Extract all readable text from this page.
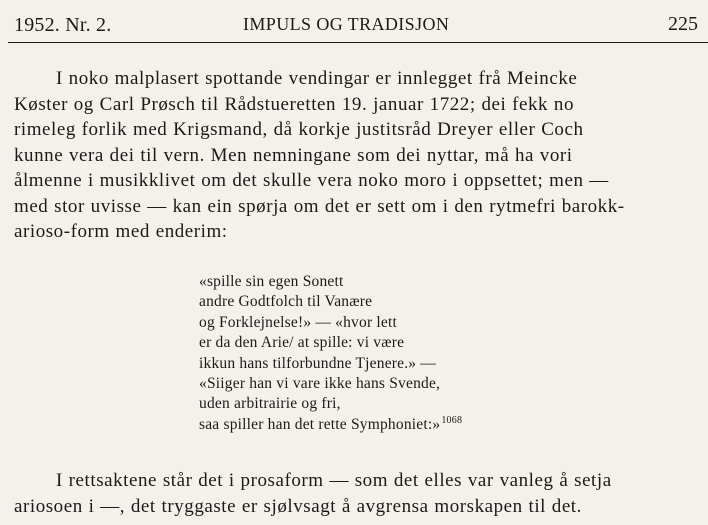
1952. Nr. 2.	IMPULS OG TRADISJON	225
I noko malplasert spottande vendingar er innlegget frå Meincke
Køster og Carl Prøsch til Rådstueretten 19. januar 1722; dei fekk no
rimeleg forlik med Krigsmand, då korkje justitsråd Dreyer eller Coch
kunne vera dei til vern. Men nemningane som dei nyttar, må ha vori
ålmenne i musikklivet om det skulle vera noko moro i oppsettet; men —
med stor uvisse — kan ein spørja om det er sett om i den rytmefri barokk-
arioso-form med enderim:
«spille sin egen Sonett
andre Godtfolch til Vanære
og Forklejnelse!» — «hvor lett
er da den Arie/ at spille: vi være
ikkun hans tilforbundne Tjenere.» —
«Siiger han vi vare ikke hans Svende,
uden arbitrairie og fri,
saa spiller han det rette Symphoniet:»$^{1068}$
I rettsaktene står det i prosaform — som det elles var vanleg å setja
ariosoen i —, det tryggaste er sjølvsagt å avgrensa morskapen til det.
